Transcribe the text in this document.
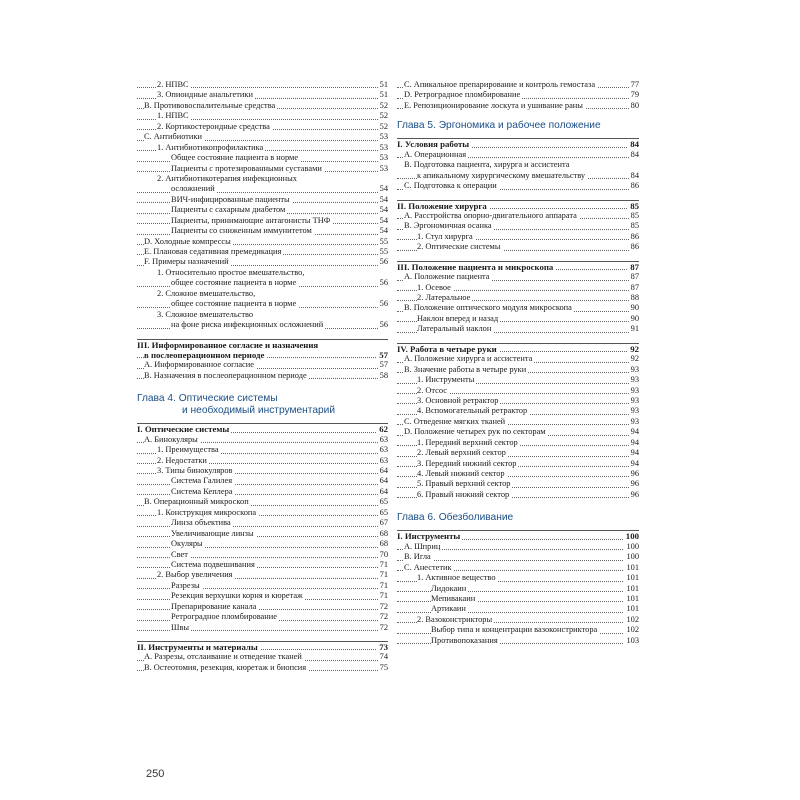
2. НПВС	51
3. Опиоидные анальгетики	51
B. Противовоспалительные средства	52
1. НПВС	52
2. Кортикостероидные средства	52
C. Антибиотики	53
1. Антибиотикопрофилактика	53
Общее состояние пациента в норме	53
Пациенты с протезированными суставами	53
2. Антибиотикотерапия инфекционных
осложнений	54
ВИЧ-инфицированные пациенты	54
Пациенты с сахарным диабетом	54
Пациенты, принимающие антагонисты ТНФ	54
Пациенты со сниженным иммунитетом	54
D. Холодные компрессы	55
E. Плановая седативная премедикация	55
F. Примеры назначений	56
1. Относительно простое вмешательство,
общее состояние пациента в норме	56
2. Сложное вмешательство,
общее состояние пациента в норме	56
3. Сложное вмешательство
на фоне риска инфекционных осложнений	56
III. Информированное согласие и назначения
в послеоперационном периоде	57
A. Информированное согласие	57
B. Назначения в послеоперационном периоде	58
Глава 4. Оптические системы
и необходимый инструментарий
I. Оптические системы	62
A. Бинокуляры	63
1. Преимущества	63
2. Недостатки	63
3. Типы бинокуляров	64
Система Галилея	64
Система Кеплера	64
B. Операционный микроскоп	65
1. Конструкция микроскопа	65
Линза объектива	67
Увеличивающие линзы	68
Окуляры	68
Свет	70
Система подвешивания	71
2. Выбор увеличения	71
Разрезы	71
Резекция верхушки корня и кюретаж	71
Препарирование канала	72
Ретроградное пломбирование	72
Швы	72
II. Инструменты и материалы	73
A. Разрезы, отслаивание и отведение тканей	74
B. Остеотомия, резекция, кюретаж и биопсия	75
C. Апикальное препарирование и контроль гемостаза	77
D. Ретроградное пломбирование	79
E. Репозиционирование лоскута и ушивание раны	80
Глава 5. Эргономика и рабочее положение
I. Условия работы	84
A. Операционная	84
B. Подготовка пациента, хирурга и ассистента
к апикальному хирургическому вмешательству	84
C. Подготовка к операции	86
II. Положение хирурга	85
A. Расстройства опорно-двигательного аппарата	85
B. Эргономичная осанка	85
1. Стул хирурга	86
2. Оптические системы	86
III. Положение пациента и микроскопа	87
A. Положение пациента	87
1. Осевое	87
2. Латеральное	88
B. Положение оптического модуля микроскопа	90
Наклон вперед и назад	90
Латеральный наклон	91
IV. Работа в четыре руки	92
A. Положение хирурга и ассистента	92
B. Значение работы в четыре руки	93
1. Инструменты	93
2. Отсос	93
3. Основной ретрактор	93
4. Вспомогательный ретрактор	93
C. Отведение мягких тканей	93
D. Положение четырех рук по секторам	94
1. Передний верхний сектор	94
2. Левый верхний сектор	94
3. Передний нижний сектор	94
4. Левый нижний сектор	96
5. Правый верхний сектор	96
6. Правый нижний сектор	96
Глава 6. Обезболивание
I. Инструменты	100
A. Шприц	100
B. Игла	100
C. Анестетик	101
1. Активное вещество	101
Лидокаин	101
Мепивакаин	101
Артикаин	101
2. Вазоконстрикторы	102
Выбор типа и концентрации вазоконстриктора	102
Противопоказания	103
250
